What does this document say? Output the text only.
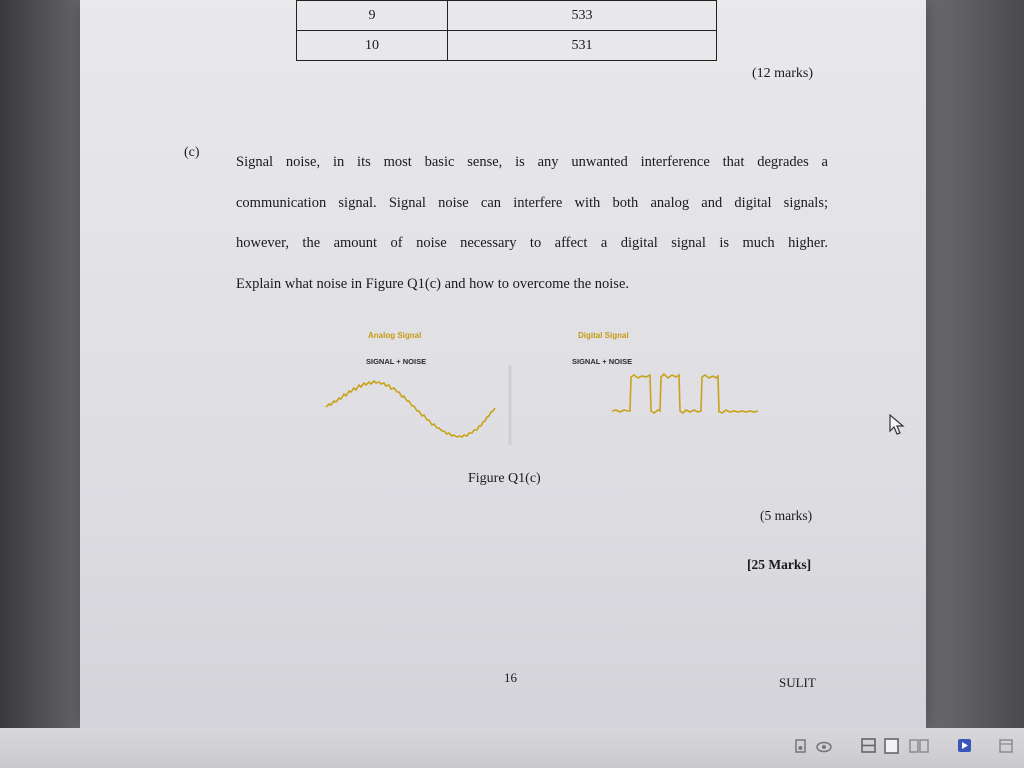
9	533
10	531
(12 marks)
(c)
Signal noise, in its most basic sense, is any unwanted interference that degrades a
communication signal. Signal noise can interfere with both analog and digital signals;
however, the amount of noise necessary to affect a digital signal is much higher.
Explain what noise in Figure Q1(c) and how to overcome the noise.
Analog Signal
SIGNAL + NOISE
Digital Signal
SIGNAL + NOISE
Figure Q1(c)
(5 marks)
[25 Marks]
16	SULIT
